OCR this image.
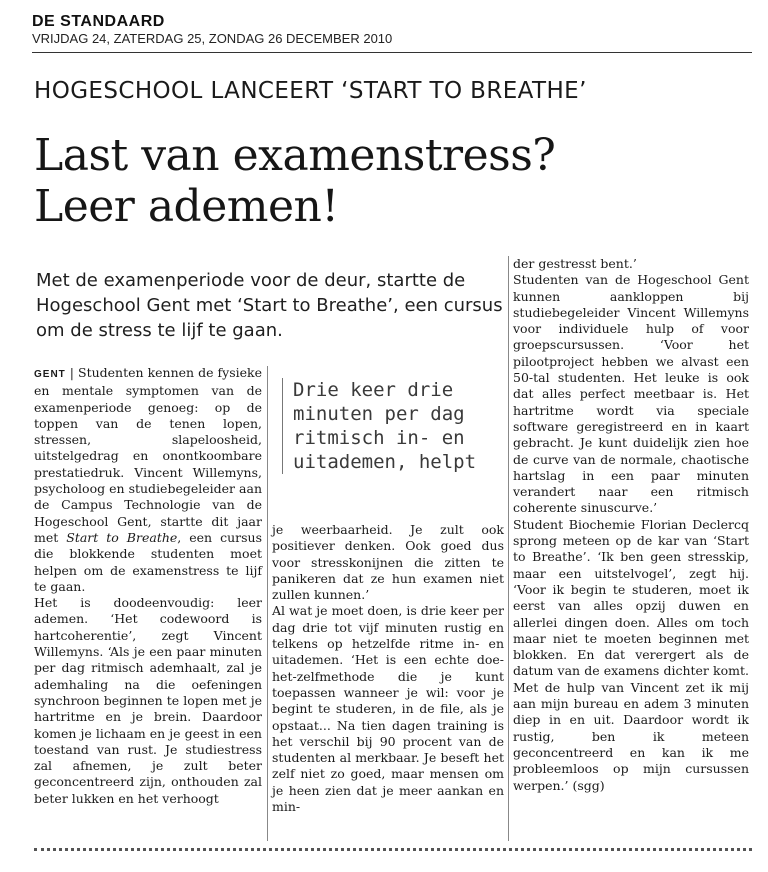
DE STANDAARD
VRIJDAG 24, ZATERDAG 25, ZONDAG 26 DECEMBER 2010
HOGESCHOOL LANCEERT ‘START TO BREATHE’
Last van examenstress?
Leer ademen!
Met de examenperiode voor de deur, startte de Hogeschool Gent met ‘Start to Breathe’, een cursus om de stress te lijf te gaan.

GENT | Studenten kennen de fysieke en mentale symptomen van de examenperiode genoeg: op de toppen van de tenen lopen, stressen, slapeloosheid, uitstelgedrag en onontkoombare prestatiedruk. Vincent Willemyns, psycholoog en studiebegeleider aan de Campus Technologie van de Hogeschool Gent, startte dit jaar met Start to Breathe, een cursus die blokkende studenten moet helpen om de examenstress te lijf te gaan.

Het is doodeenvoudig: leer ademen. ‘Het codewoord is hartcoherentie’, zegt Vincent Willemyns. ‘Als je een paar minuten per dag ritmisch ademhaalt, zal je ademhaling na die oefeningen synchroon beginnen te lopen met je hartritme en je brein. Daardoor komen je lichaam en je geest in een toestand van rust. Je studiestress zal afnemen, je zult beter geconcentreerd zijn, onthouden zal beter lukken en het verhoogt

Drie keer drie minuten per dag ritmisch in- en uitademen, helpt

je weerbaarheid. Je zult ook positiever denken. Ook goed dus voor stresskonijnen die zitten te panikeren dat ze hun examen niet zullen kunnen.’

Al wat je moet doen, is drie keer per dag drie tot vijf minuten rustig en telkens op hetzelfde ritme in- en uitademen. ‘Het is een echte doe-het-zelfmethode die je kunt toepassen wanneer je wil: voor je begint te studeren, in de file, als je opstaat... Na tien dagen training is het verschil bij 90 procent van de studenten al merkbaar. Je beseft het zelf niet zo goed, maar mensen om je heen zien dat je meer aankan en min-

der gestresst bent.’

Studenten van de Hogeschool Gent kunnen aankloppen bij studiebegeleider Vincent Willemyns voor individuele hulp of voor groepscursussen. ‘Voor het pilootproject hebben we alvast een 50-tal studenten. Het leuke is ook dat alles perfect meetbaar is. Het hartritme wordt via speciale software geregistreerd en in kaart gebracht. Je kunt duidelijk zien hoe de curve van de normale, chaotische hartslag in een paar minuten verandert naar een ritmisch coherente sinuscurve.’

Student Biochemie Florian Declercq sprong meteen op de kar van ‘Start to Breathe’. ‘Ik ben geen stresskip, maar een uitstelvogel’, zegt hij. ‘Voor ik begin te studeren, moet ik eerst van alles opzij duwen en allerlei dingen doen. Alles om toch maar niet te moeten beginnen met blokken. En dat verergert als de datum van de examens dichter komt. Met de hulp van Vincent zet ik mij aan mijn bureau en adem 3 minuten diep in en uit. Daardoor wordt ik rustig, ben ik meteen geconcentreerd en kan ik me probleemloos op mijn cursussen werpen.’ (sgg)
